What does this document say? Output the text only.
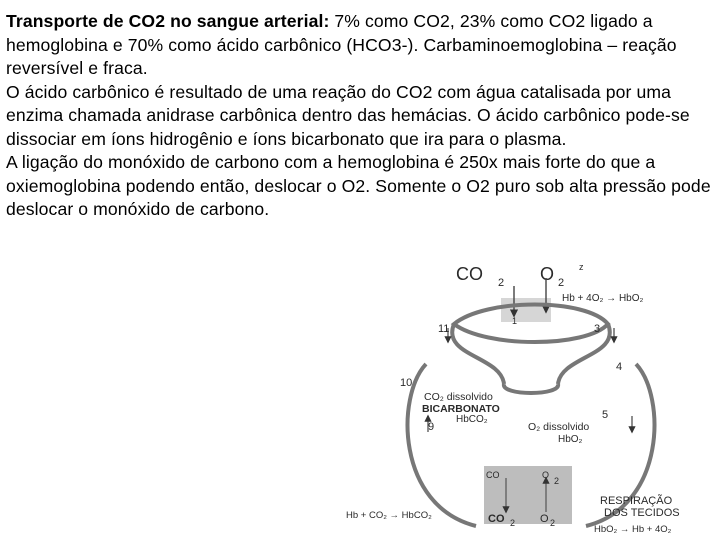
Transporte de CO2 no sangue arterial: 7% como CO2, 23% como CO2 ligado a hemoglobina e 70% como ácido carbônico (HCO3-). Carbaminoemoglobina – reação reversível e fraca.

O ácido carbônico é resultado de uma reação do CO2 com água catalisada por uma enzima chamada anidrase carbônica dentro das hemácias. O ácido carbônico pode-se dissociar em íons hidrogênio e íons bicarbonato que ira para o plasma.

A ligação do monóxido de carbono com a hemoglobina é 250x mais forte do que a oxiemoglobina podendo então, deslocar o O2. Somente o O2 puro sob alta pressão pode deslocar o monóxido de carbono.

CO 2 O 2
z
Hb + 4O₂ → HbO₂
1
11	3
4
10
5
9
CO₂ dissolvido
BICARBONATO
HbCO₂
O₂ dissolvido
HbO₂
CO	O
2
CO 2 O 2
RESPIRAÇÃO
DOS TECIDOS
Hb + CO₂ → HbCO₂
HbO₂ → Hb + 4O₂
